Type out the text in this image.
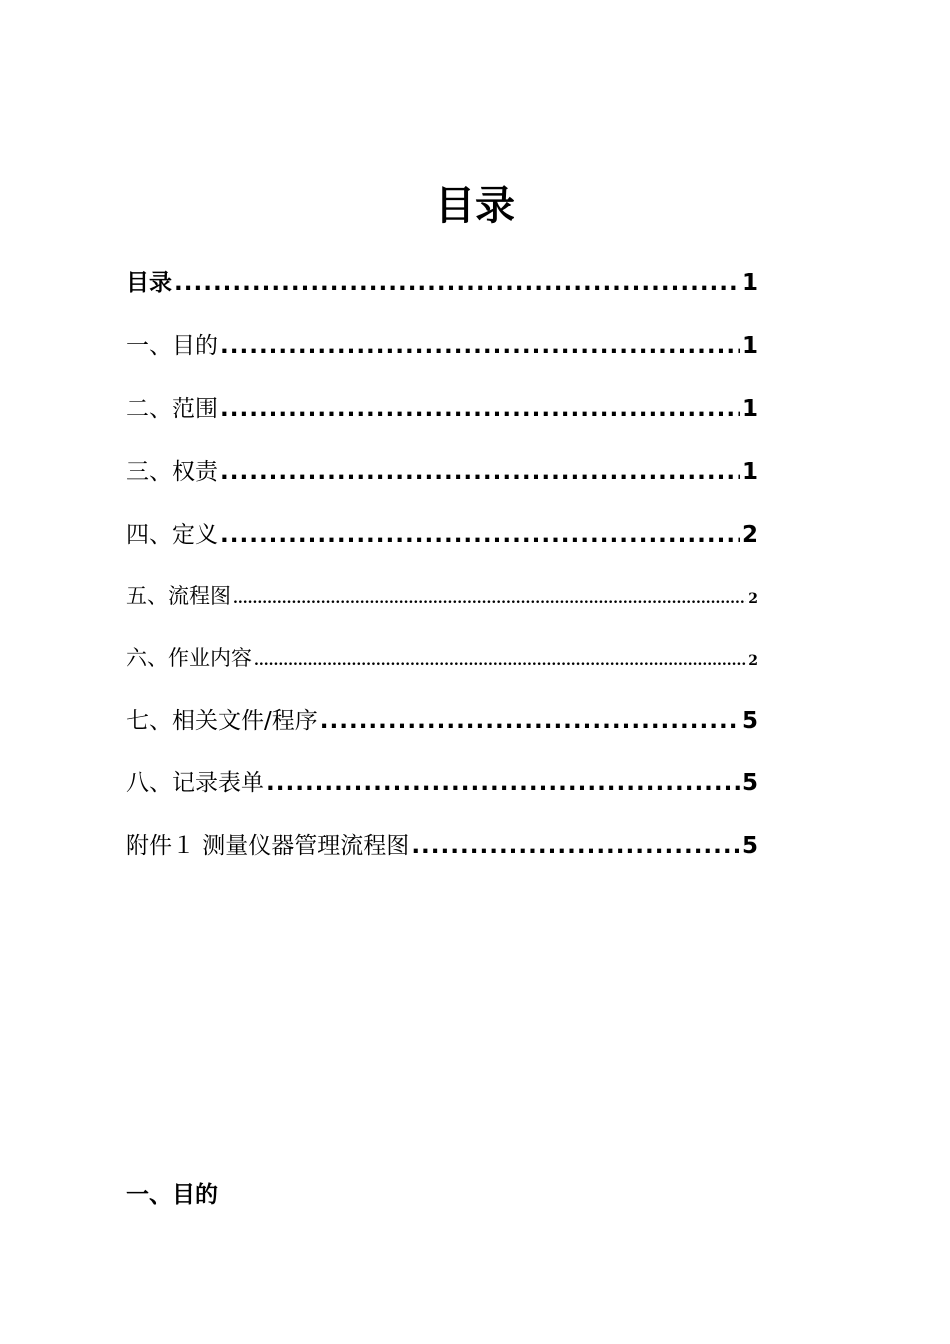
目录
目录 .....	1
一、目的 .....	1
二、范围 .....	1
三、权责 .....	1
四、定义 .....	2
五、流程图 .....	2
六、作业内容 .....	2
七、相关文件/程序 .....	5
八、记录表单 .....	5
附件１ 测量仪器管理流程图 .....	5
一、目的
